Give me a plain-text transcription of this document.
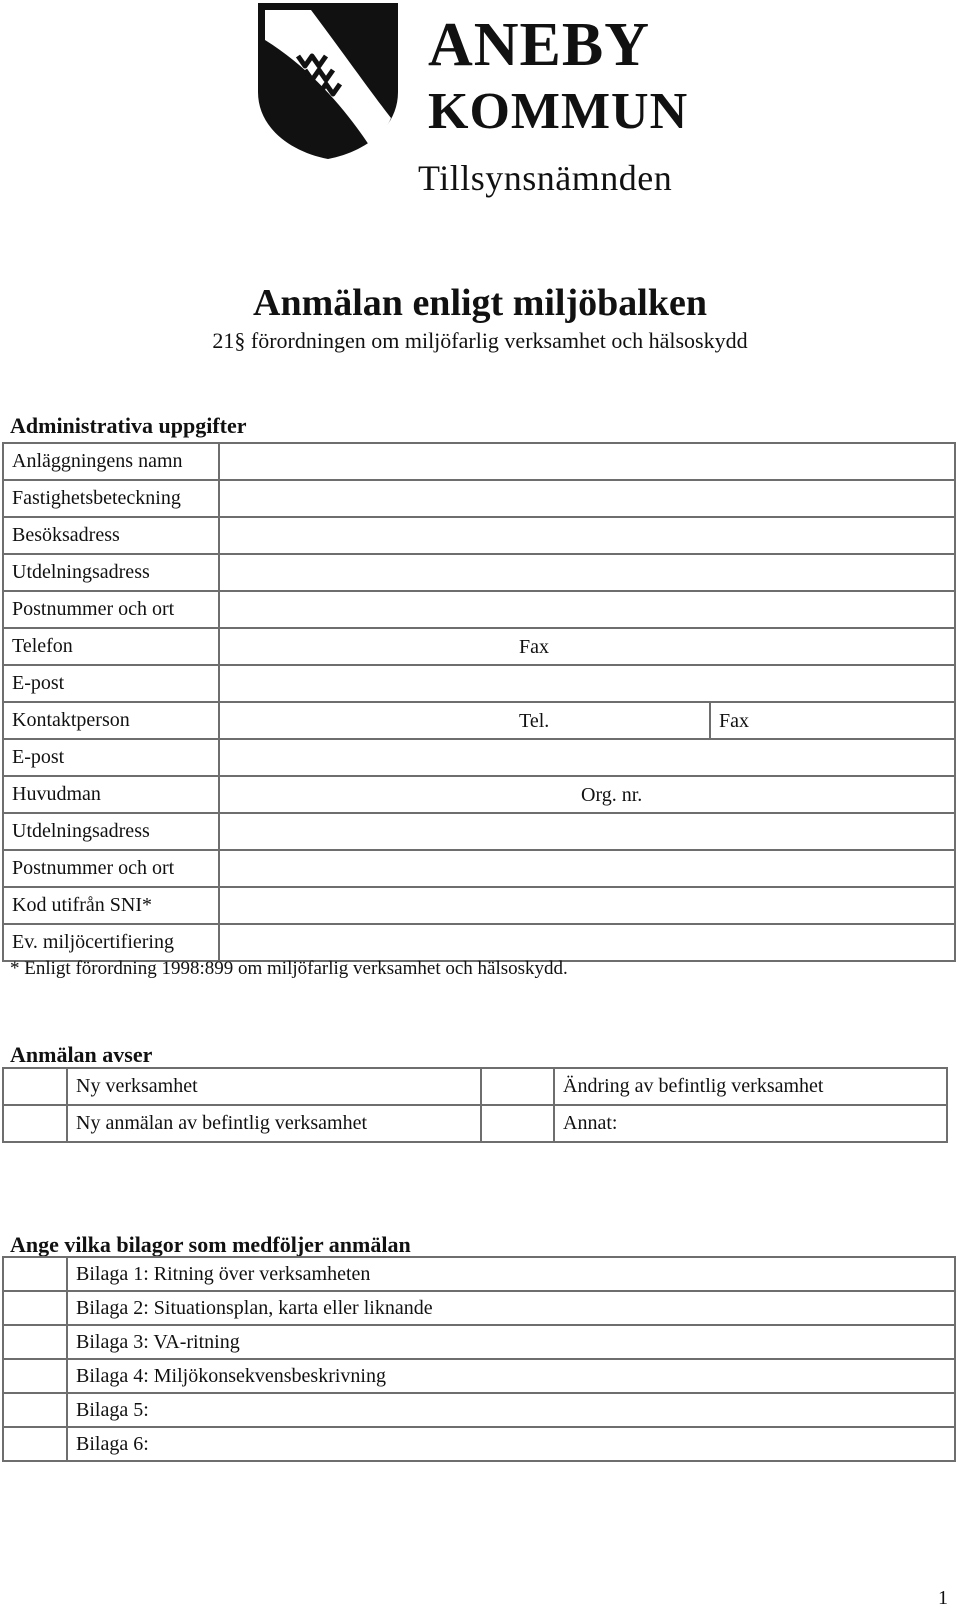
ANEBY
KOMMUN
Tillsynsnämnden
Anmälan enligt miljöbalken
21§ förordningen om miljöfarlig verksamhet och hälsoskydd
Administrativa uppgifter
Anläggningens namn	
Fastighetsbeteckning	
Besöksadress	
Utdelningsadress	
Postnummer och ort	
Telefon	Fax

E-post	
Kontaktperson	Tel. Fax

E-post	
Huvudman	Org. nr.

Utdelningsadress	
Postnummer och ort	
Kod utifrån SNI*	
Ev. miljöcertifiering	
* Enligt förordning 1998:899 om miljöfarlig verksamhet och hälsoskydd.
Anmälan avser
	Ny verksamhet		Ändring av befintlig verksamhet
	Ny anmälan av befintlig verksamhet		Annat:
Ange vilka bilagor som medföljer anmälan
	Bilaga 1: Ritning över verksamheten
	Bilaga 2: Situationsplan, karta eller liknande
	Bilaga 3: VA-ritning
	Bilaga 4: Miljökonsekvensbeskrivning
	Bilaga 5:
	Bilaga 6:
1
